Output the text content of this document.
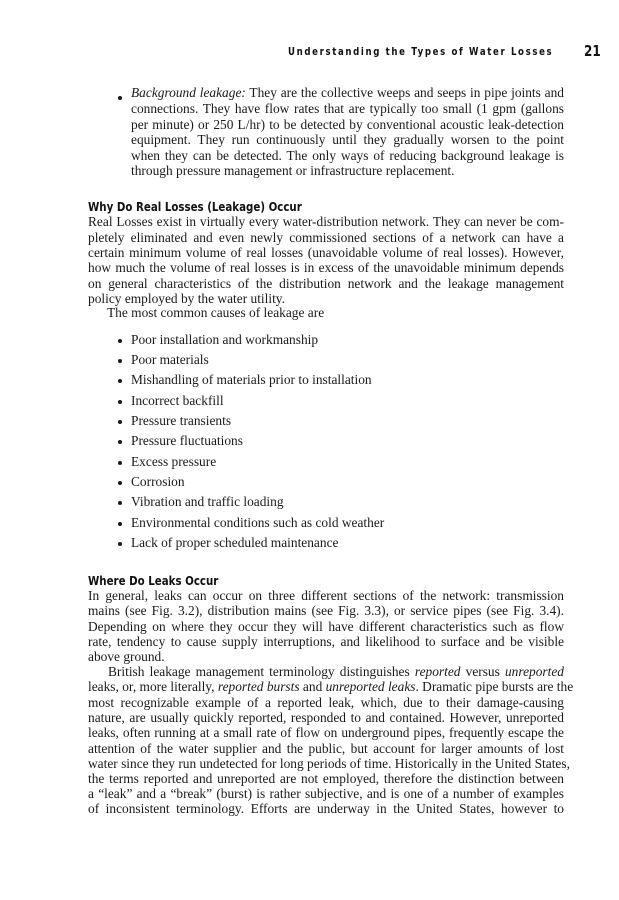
Understanding the Types of Water Losses 21
Background leakage: They are the collective weeps and seeps in pipe joints and
connections. They have flow rates that are typically too small (1 gpm (gallons
per minute) or 250 L/hr) to be detected by conventional acoustic leak-detection
equipment. They run continuously until they gradually worsen to the point
when they can be detected. The only ways of reducing background leakage is
through pressure management or infrastructure replacement.
Why Do Real Losses (Leakage) Occur
Real Losses exist in virtually every water-distribution network. They can never be com-
pletely eliminated and even newly commissioned sections of a network can have a
certain minimum volume of real losses (unavoidable volume of real losses). However,
how much the volume of real losses is in excess of the unavoidable minimum depends
on general characteristics of the distribution network and the leakage management
policy employed by the water utility.
The most common causes of leakage are
Poor installation and workmanship
Poor materials
Mishandling of materials prior to installation
Incorrect backfill
Pressure transients
Pressure fluctuations
Excess pressure
Corrosion
Vibration and traffic loading
Environmental conditions such as cold weather
Lack of proper scheduled maintenance
Where Do Leaks Occur
In general, leaks can occur on three different sections of the network: transmission
mains (see Fig. 3.2), distribution mains (see Fig. 3.3), or service pipes (see Fig. 3.4).
Depending on where they occur they will have different characteristics such as flow
rate, tendency to cause supply interruptions, and likelihood to surface and be visible
above ground.
British leakage management terminology distinguishes reported versus unreported
leaks, or, more literally, reported bursts and unreported leaks. Dramatic pipe bursts are the
most recognizable example of a reported leak, which, due to their damage-causing
nature, are usually quickly reported, responded to and contained. However, unreported
leaks, often running at a small rate of flow on underground pipes, frequently escape the
attention of the water supplier and the public, but account for larger amounts of lost
water since they run undetected for long periods of time. Historically in the United States,
the terms reported and unreported are not employed, therefore the distinction between
a “leak” and a “break” (burst) is rather subjective, and is one of a number of examples
of inconsistent terminology. Efforts are underway in the United States, however to
